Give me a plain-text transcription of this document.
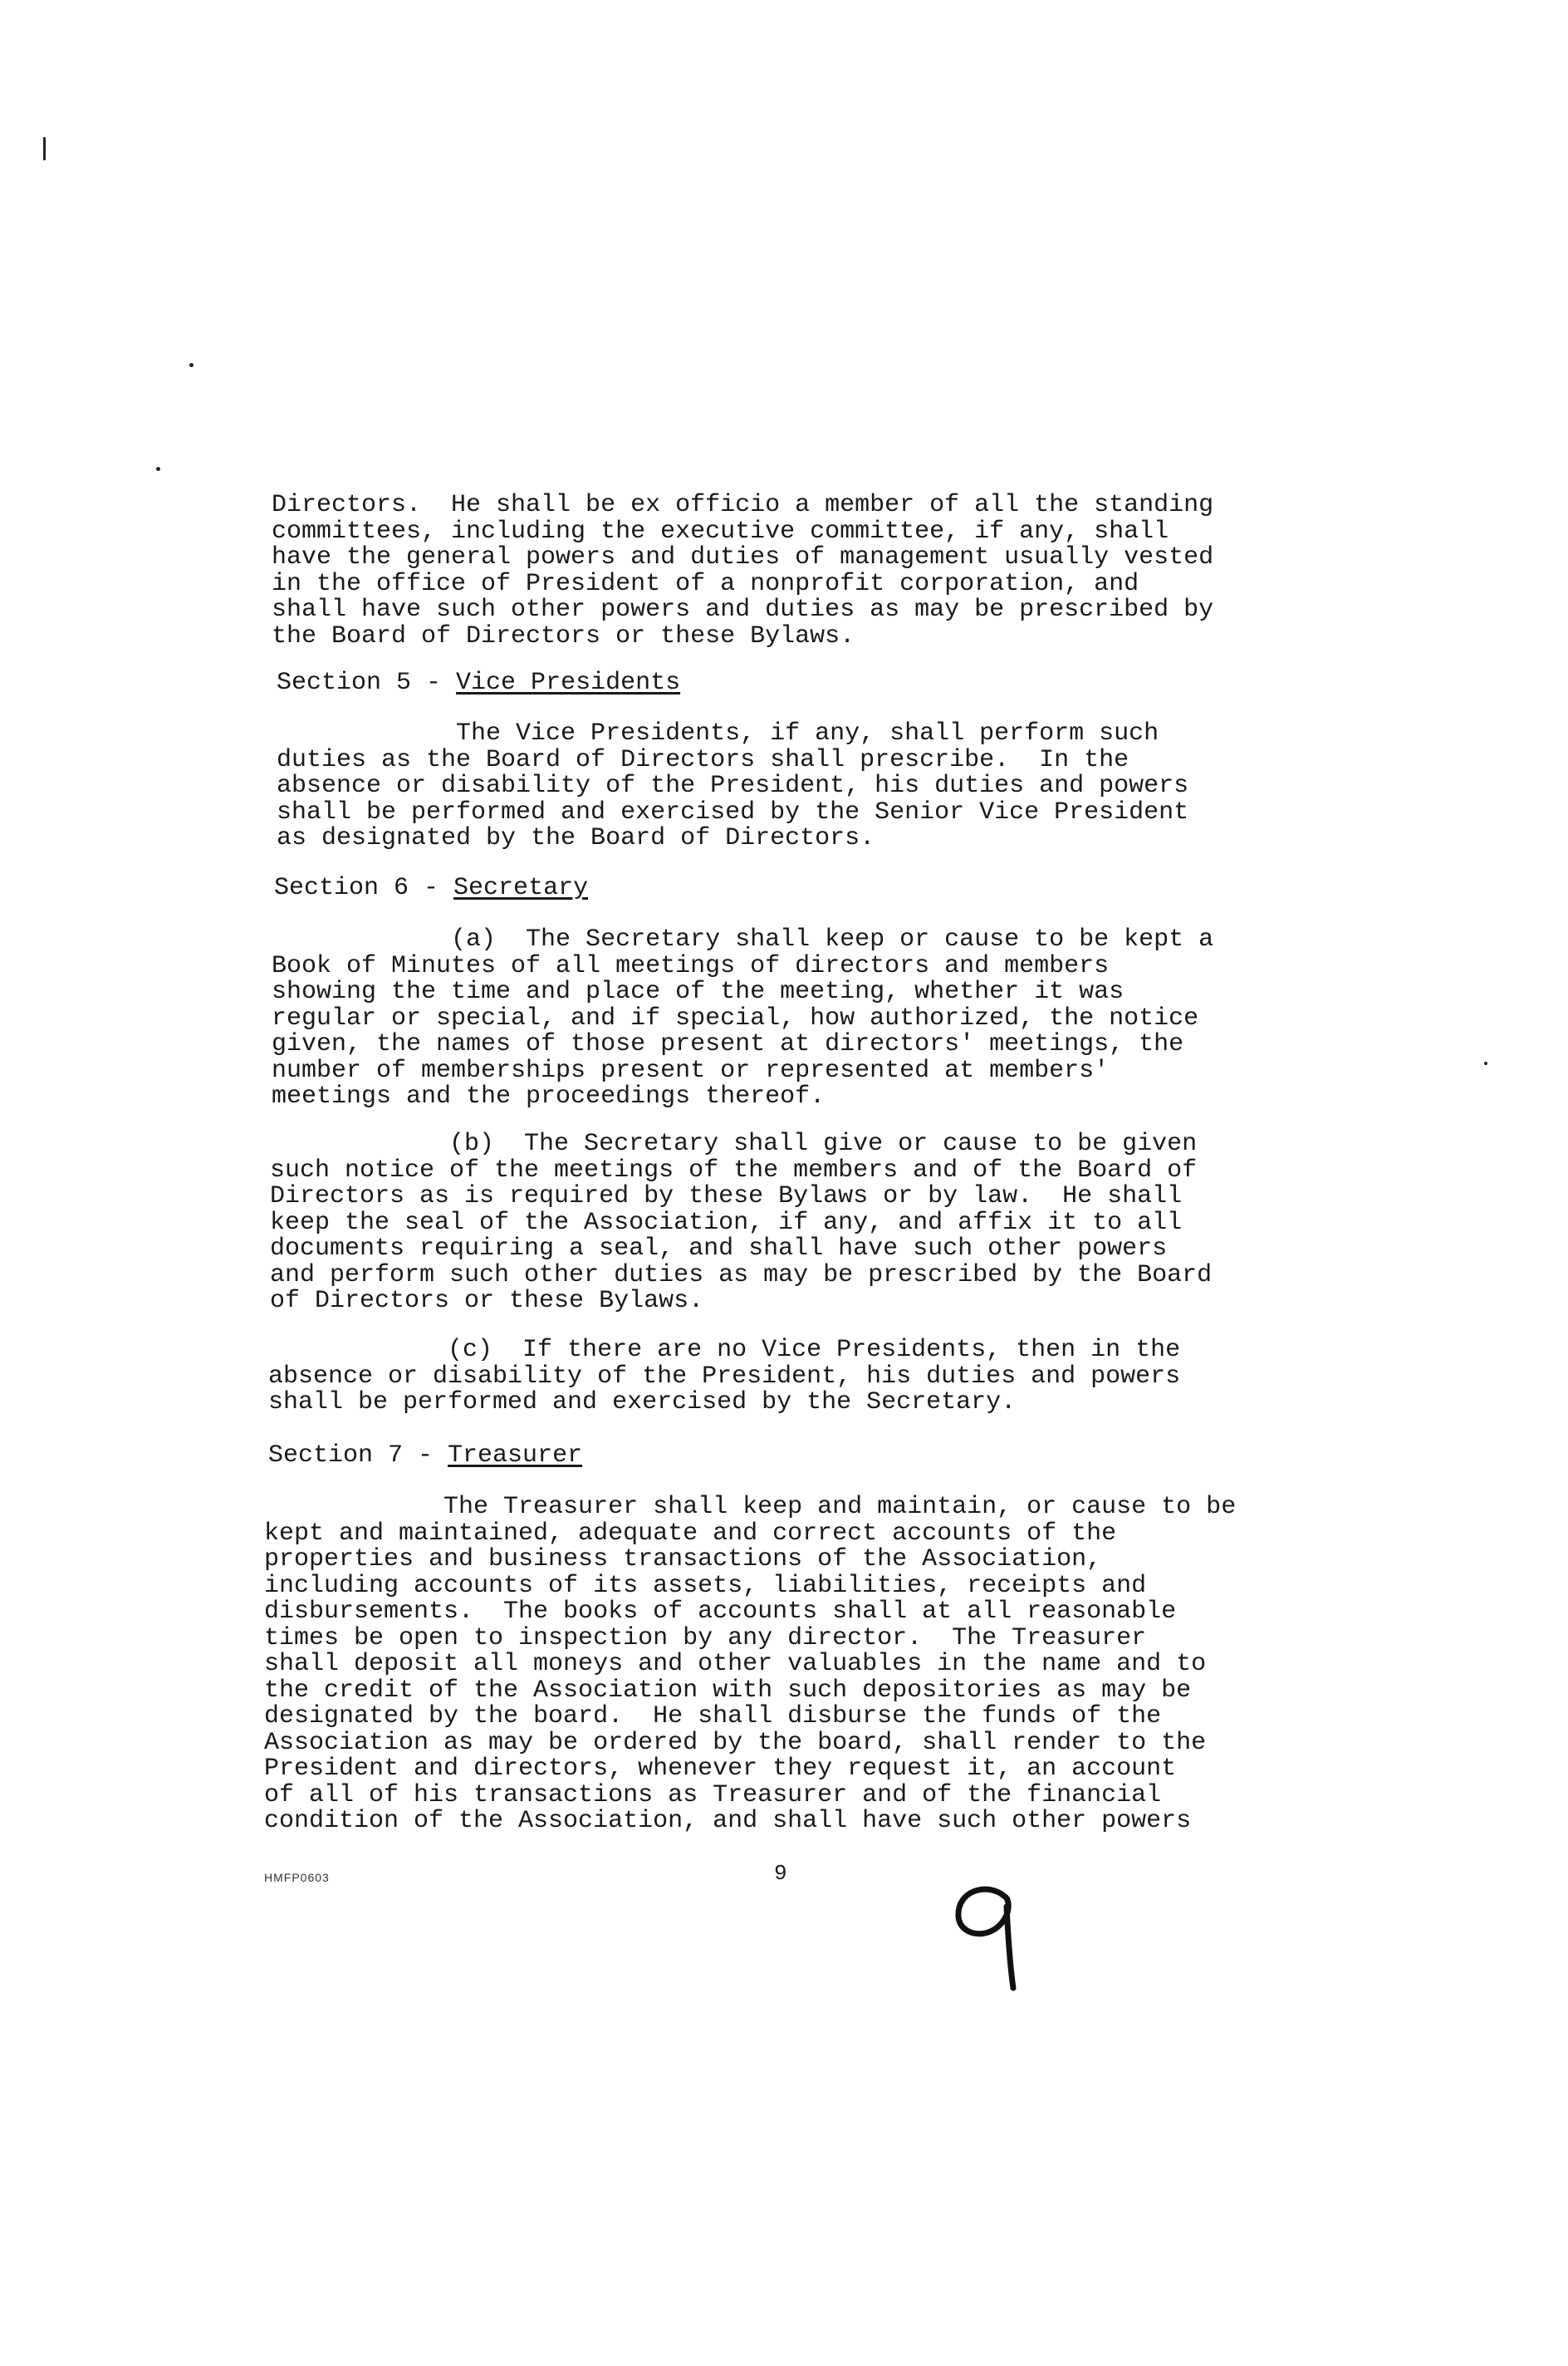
Directors.  He shall be ex officio a member of all the standing
committees, including the executive committee, if any, shall
have the general powers and duties of management usually vested
in the office of President of a nonprofit corporation, and
shall have such other powers and duties as may be prescribed by
the Board of Directors or these Bylaws.
Section 5 - Vice Presidents
The Vice Presidents, if any, shall perform such
duties as the Board of Directors shall prescribe.  In the
absence or disability of the President, his duties and powers
shall be performed and exercised by the Senior Vice President
as designated by the Board of Directors.
Section 6 - Secretary
(a)  The Secretary shall keep or cause to be kept a
Book of Minutes of all meetings of directors and members
showing the time and place of the meeting, whether it was
regular or special, and if special, how authorized, the notice
given, the names of those present at directors' meetings, the
number of memberships present or represented at members'
meetings and the proceedings thereof.
(b)  The Secretary shall give or cause to be given
such notice of the meetings of the members and of the Board of
Directors as is required by these Bylaws or by law.  He shall
keep the seal of the Association, if any, and affix it to all
documents requiring a seal, and shall have such other powers
and perform such other duties as may be prescribed by the Board
of Directors or these Bylaws.
(c)  If there are no Vice Presidents, then in the
absence or disability of the President, his duties and powers
shall be performed and exercised by the Secretary.
Section 7 - Treasurer
The Treasurer shall keep and maintain, or cause to be
kept and maintained, adequate and correct accounts of the
properties and business transactions of the Association,
including accounts of its assets, liabilities, receipts and
disbursements.  The books of accounts shall at all reasonable
times be open to inspection by any director.  The Treasurer
shall deposit all moneys and other valuables in the name and to
the credit of the Association with such depositories as may be
designated by the board.  He shall disburse the funds of the
Association as may be ordered by the board, shall render to the
President and directors, whenever they request it, an account
of all of his transactions as Treasurer and of the financial
condition of the Association, and shall have such other powers
HMFP0603	9
